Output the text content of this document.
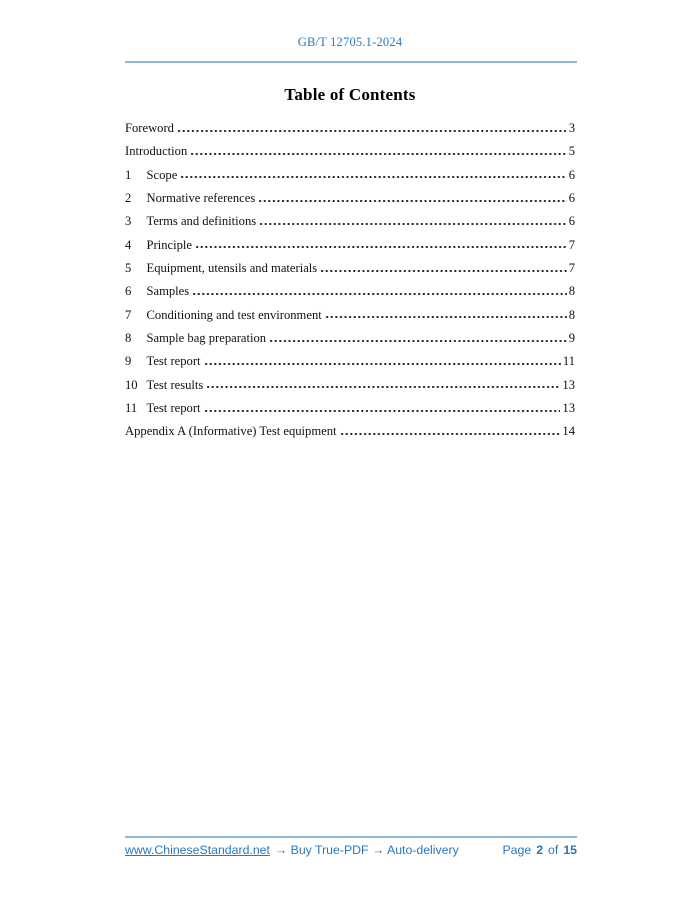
GB/T 12705.1-2024
Table of Contents
Foreword	3
Introduction	5
1	Scope	6
2	Normative references	6
3	Terms and definitions	6
4	Principle	7
5	Equipment, utensils and materials	7
6	Samples	8
7	Conditioning and test environment	8
8	Sample bag preparation	9
9	Test report	11
10 Test results	13
11 Test report	13
Appendix A (Informative) Test equipment	14
www.ChineseStandard.net → Buy True-PDF → Auto-delivery	Page 2 of 15
